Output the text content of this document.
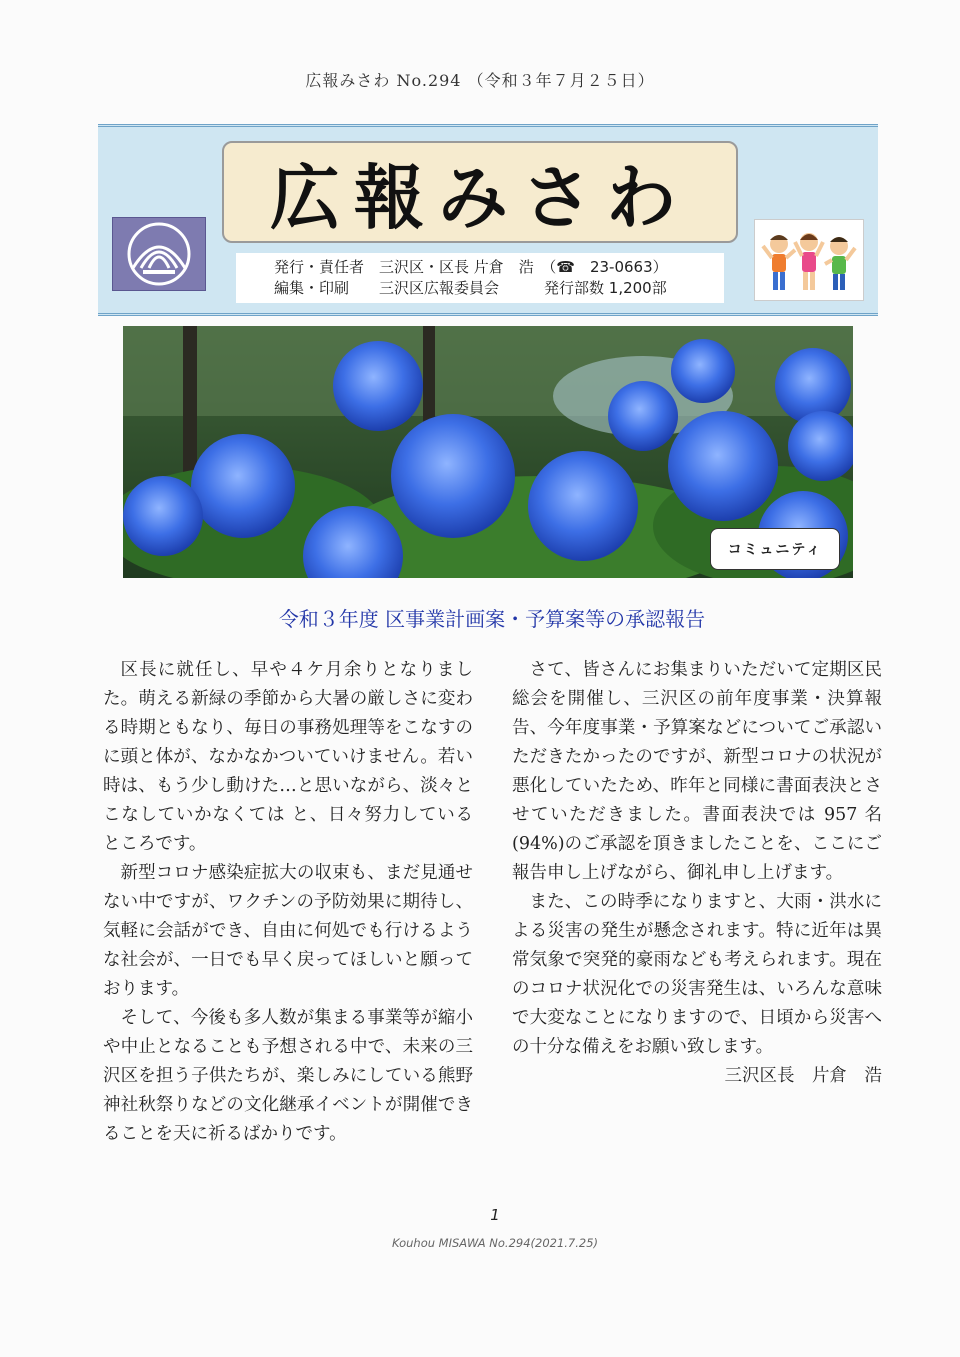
広報みさわ No.294 （令和３年７月２５日）
広報みさわ
発行・責任者　三沢区・区長 片倉　浩　（☎　23-0663）
編集・印刷　　三沢区広報委員会　　　発行部数 1,200部
コミュニティ
令和３年度 区事業計画案・予算案等の承認報告

区長に就任し、早や４ケ月余りとなりました。萌える新緑の季節から大暑の厳しさに変わる時期ともなり、毎日の事務処理等をこなすのに頭と体が、なかなかついていけません。若い時は、もう少し動けた…と思いながら、淡々とこなしていかなくては と、日々努力しているところです。

新型コロナ感染症拡大の収束も、まだ見通せない中ですが、ワクチンの予防効果に期待し、気軽に会話ができ、自由に何処でも行けるような社会が、一日でも早く戻ってほしいと願っております。

そして、今後も多人数が集まる事業等が縮小や中止となることも予想される中で、未来の三沢区を担う子供たちが、楽しみにしている熊野神社秋祭りなどの文化継承イベントが開催できることを天に祈るばかりです。

さて、皆さんにお集まりいただいて定期区民総会を開催し、三沢区の前年度事業・決算報告、今年度事業・予算案などについてご承認いただきたかったのですが、新型コロナの状況が悪化していたため、昨年と同様に書面表決とさせていただきました。書面表決では 957 名(94%)のご承認を頂きましたことを、ここにご報告申し上げながら、御礼申し上げます。

また、この時季になりますと、大雨・洪水による災害の発生が懸念されます。特に近年は異常気象で突発的豪雨なども考えられます。現在のコロナ状況化での災害発生は、いろんな意味で大変なことになりますので、日頃から災害への十分な備えをお願い致します。

三沢区長　片倉　浩
1
Kouhou MISAWA No.294(2021.7.25)
